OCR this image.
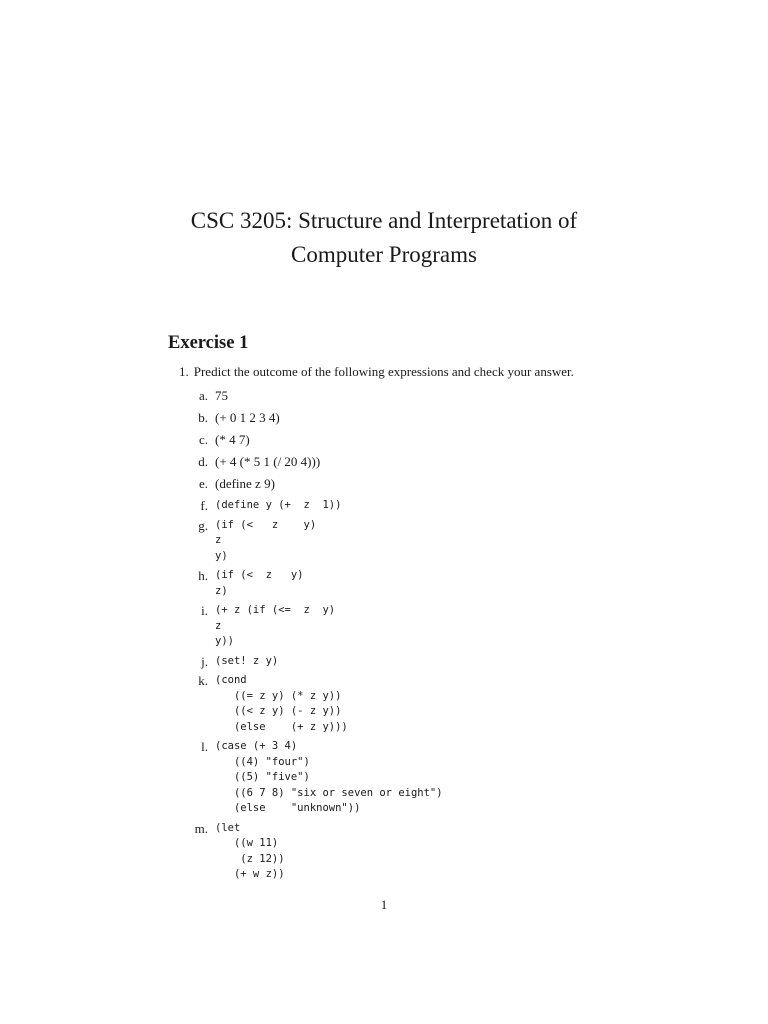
CSC 3205: Structure and Interpretation of
Computer Programs
Exercise 1
1. Predict the outcome of the following expressions and check your answer.
a. 75
b. (+ 0 1 2 3 4)
c. (* 4 7)
d. (+ 4 (* 5 1 (/ 20 4)))
e. (define z 9)
f. (define y (+  z  1))
g. (if (<   z    y)
z
y)
h. (if (<  z   y)
z)
i. (+ z (if (<=  z  y)
z
y))
j. (set! z y)
k. (cond
((= z y) (* z y))
((< z y) (- z y))
(else    (+ z y)))
l. (case (+ 3 4)
((4) "four")
((5) "five")
((6 7 8) "six or seven or eight")
(else    "unknown"))
m. (let
((w 11)
(z 12))
(+ w z))
1
